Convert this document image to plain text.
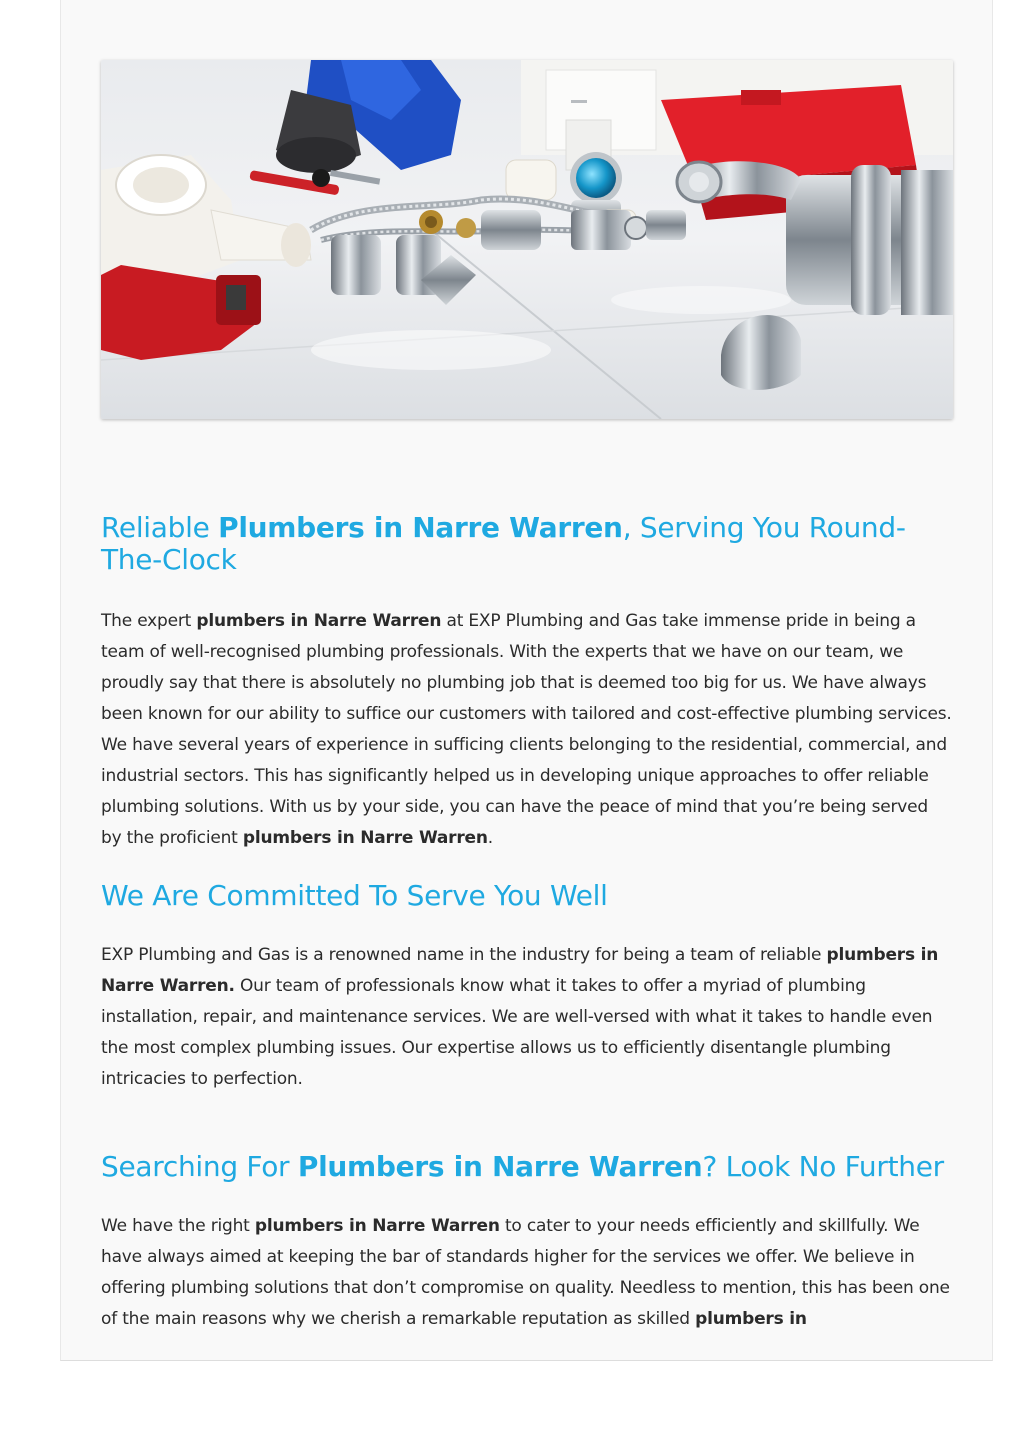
Reliable Plumbers in Narre Warren, Serving You Round-The-Clock

The expert plumbers in Narre Warren at EXP Plumbing and Gas take immense pride in being a team of well-recognised plumbing professionals. With the experts that we have on our team, we proudly say that there is absolutely no plumbing job that is deemed too big for us. We have always been known for our ability to suffice our customers with tailored and cost-effective plumbing services. We have several years of experience in sufficing clients belonging to the residential, commercial, and industrial sectors. This has significantly helped us in developing unique approaches to offer reliable plumbing solutions. With us by your side, you can have the peace of mind that you’re being served by the proficient plumbers in Narre Warren.

We Are Committed To Serve You Well

EXP Plumbing and Gas is a renowned name in the industry for being a team of reliable plumbers in Narre Warren. Our team of professionals know what it takes to offer a myriad of plumbing installation, repair, and maintenance services. We are well-versed with what it takes to handle even the most complex plumbing issues. Our expertise allows us to efficiently disentangle plumbing intricacies to perfection.

Searching For Plumbers in Narre Warren? Look No Further

We have the right plumbers in Narre Warren to cater to your needs efficiently and skillfully. We have always aimed at keeping the bar of standards higher for the services we offer. We believe in offering plumbing solutions that don’t compromise on quality. Needless to mention, this has been one of the main reasons why we cherish a remarkable reputation as skilled plumbers in
